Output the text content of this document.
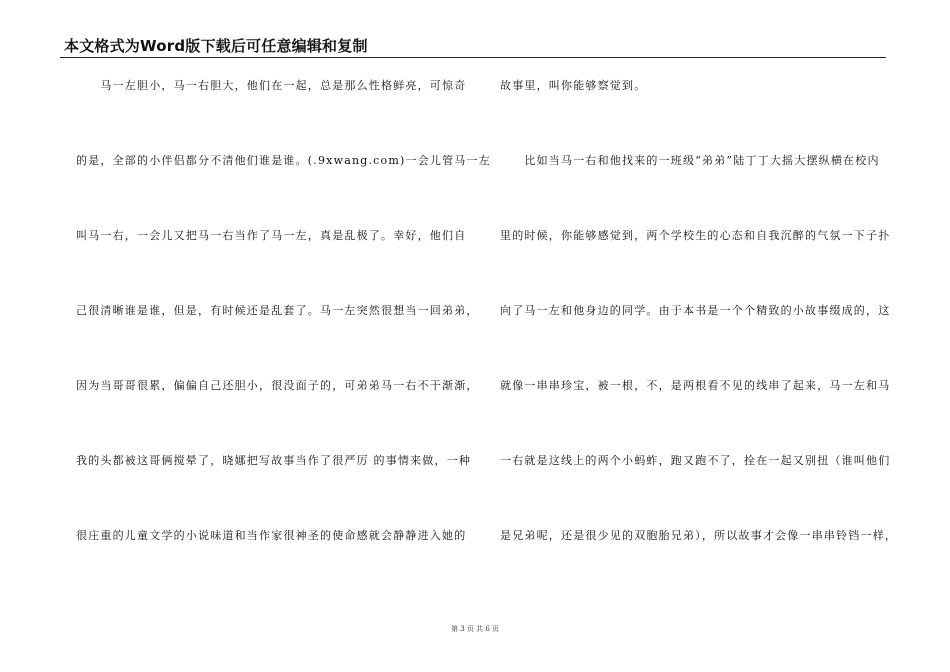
本文格式为Word版下载后可任意编辑和复制
　　马一左胆小，马一右胆大，他们在一起，总是那么性格鲜亮，可惊奇
的是，全部的小伴侣都分不清他们谁是谁。(.9xwang.com)一会儿管马一左
叫马一右，一会儿又把马一右当作了马一左，真是乱极了。幸好，他们自
己很清晰谁是谁，但是，有时候还是乱套了。马一左突然很想当一回弟弟，
因为当哥哥很累，偏偏自己还胆小，很没面子的，可弟弟马一右不干渐渐，
我的头都被这哥俩搅晕了，晓娜把写故事当作了很严厉 的事情来做，一种
很庄重的儿童文学的小说味道和当作家很神圣的使命感就会静静进入她的
故事里，叫你能够察觉到。
　　比如当马一右和他找来的一班级“弟弟”陆丁丁大摇大摆纵横在校内
里的时候，你能够感觉到，两个学校生的心态和自我沉醉的气氛一下子扑
向了马一左和他身边的同学。由于本书是一个个精致的小故事缀成的，这
就像一串串珍宝，被一根，不，是两根看不见的线串了起来，马一左和马
一右就是这线上的两个小蚂蚱，跑又跑不了，拴在一起又别扭（谁叫他们
是兄弟呢，还是很少见的双胞胎兄弟），所以故事才会像一串串铃铛一样，
第 3 页 共 6 页
